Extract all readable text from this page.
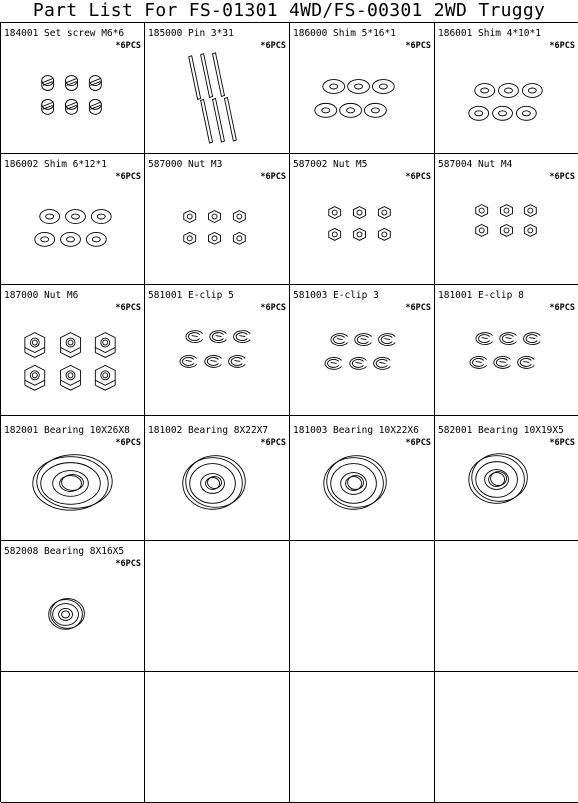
Part List For FS-01301 4WD/FS-00301 2WD Truggy
184001 Set screw M6*6
*6PCS
185000 Pin 3*31
*6PCS
186000 Shim 5*16*1
*6PCS
186001 Shim 4*10*1
*6PCS
186002 Shim 6*12*1
*6PCS
587000 Nut M3
*6PCS
587002 Nut M5
*6PCS
587004 Nut M4
*6PCS
187000 Nut M6
*6PCS
581001 E-clip 5
*6PCS
581003 E-clip 3
*6PCS
181001 E-clip 8
*6PCS
182001 Bearing 10X26X8
*6PCS
181002 Bearing 8X22X7
*6PCS
181003 Bearing 10X22X6
*6PCS
582001 Bearing 10X19X5
*6PCS
582008 Bearing 8X16X5
*6PCS
